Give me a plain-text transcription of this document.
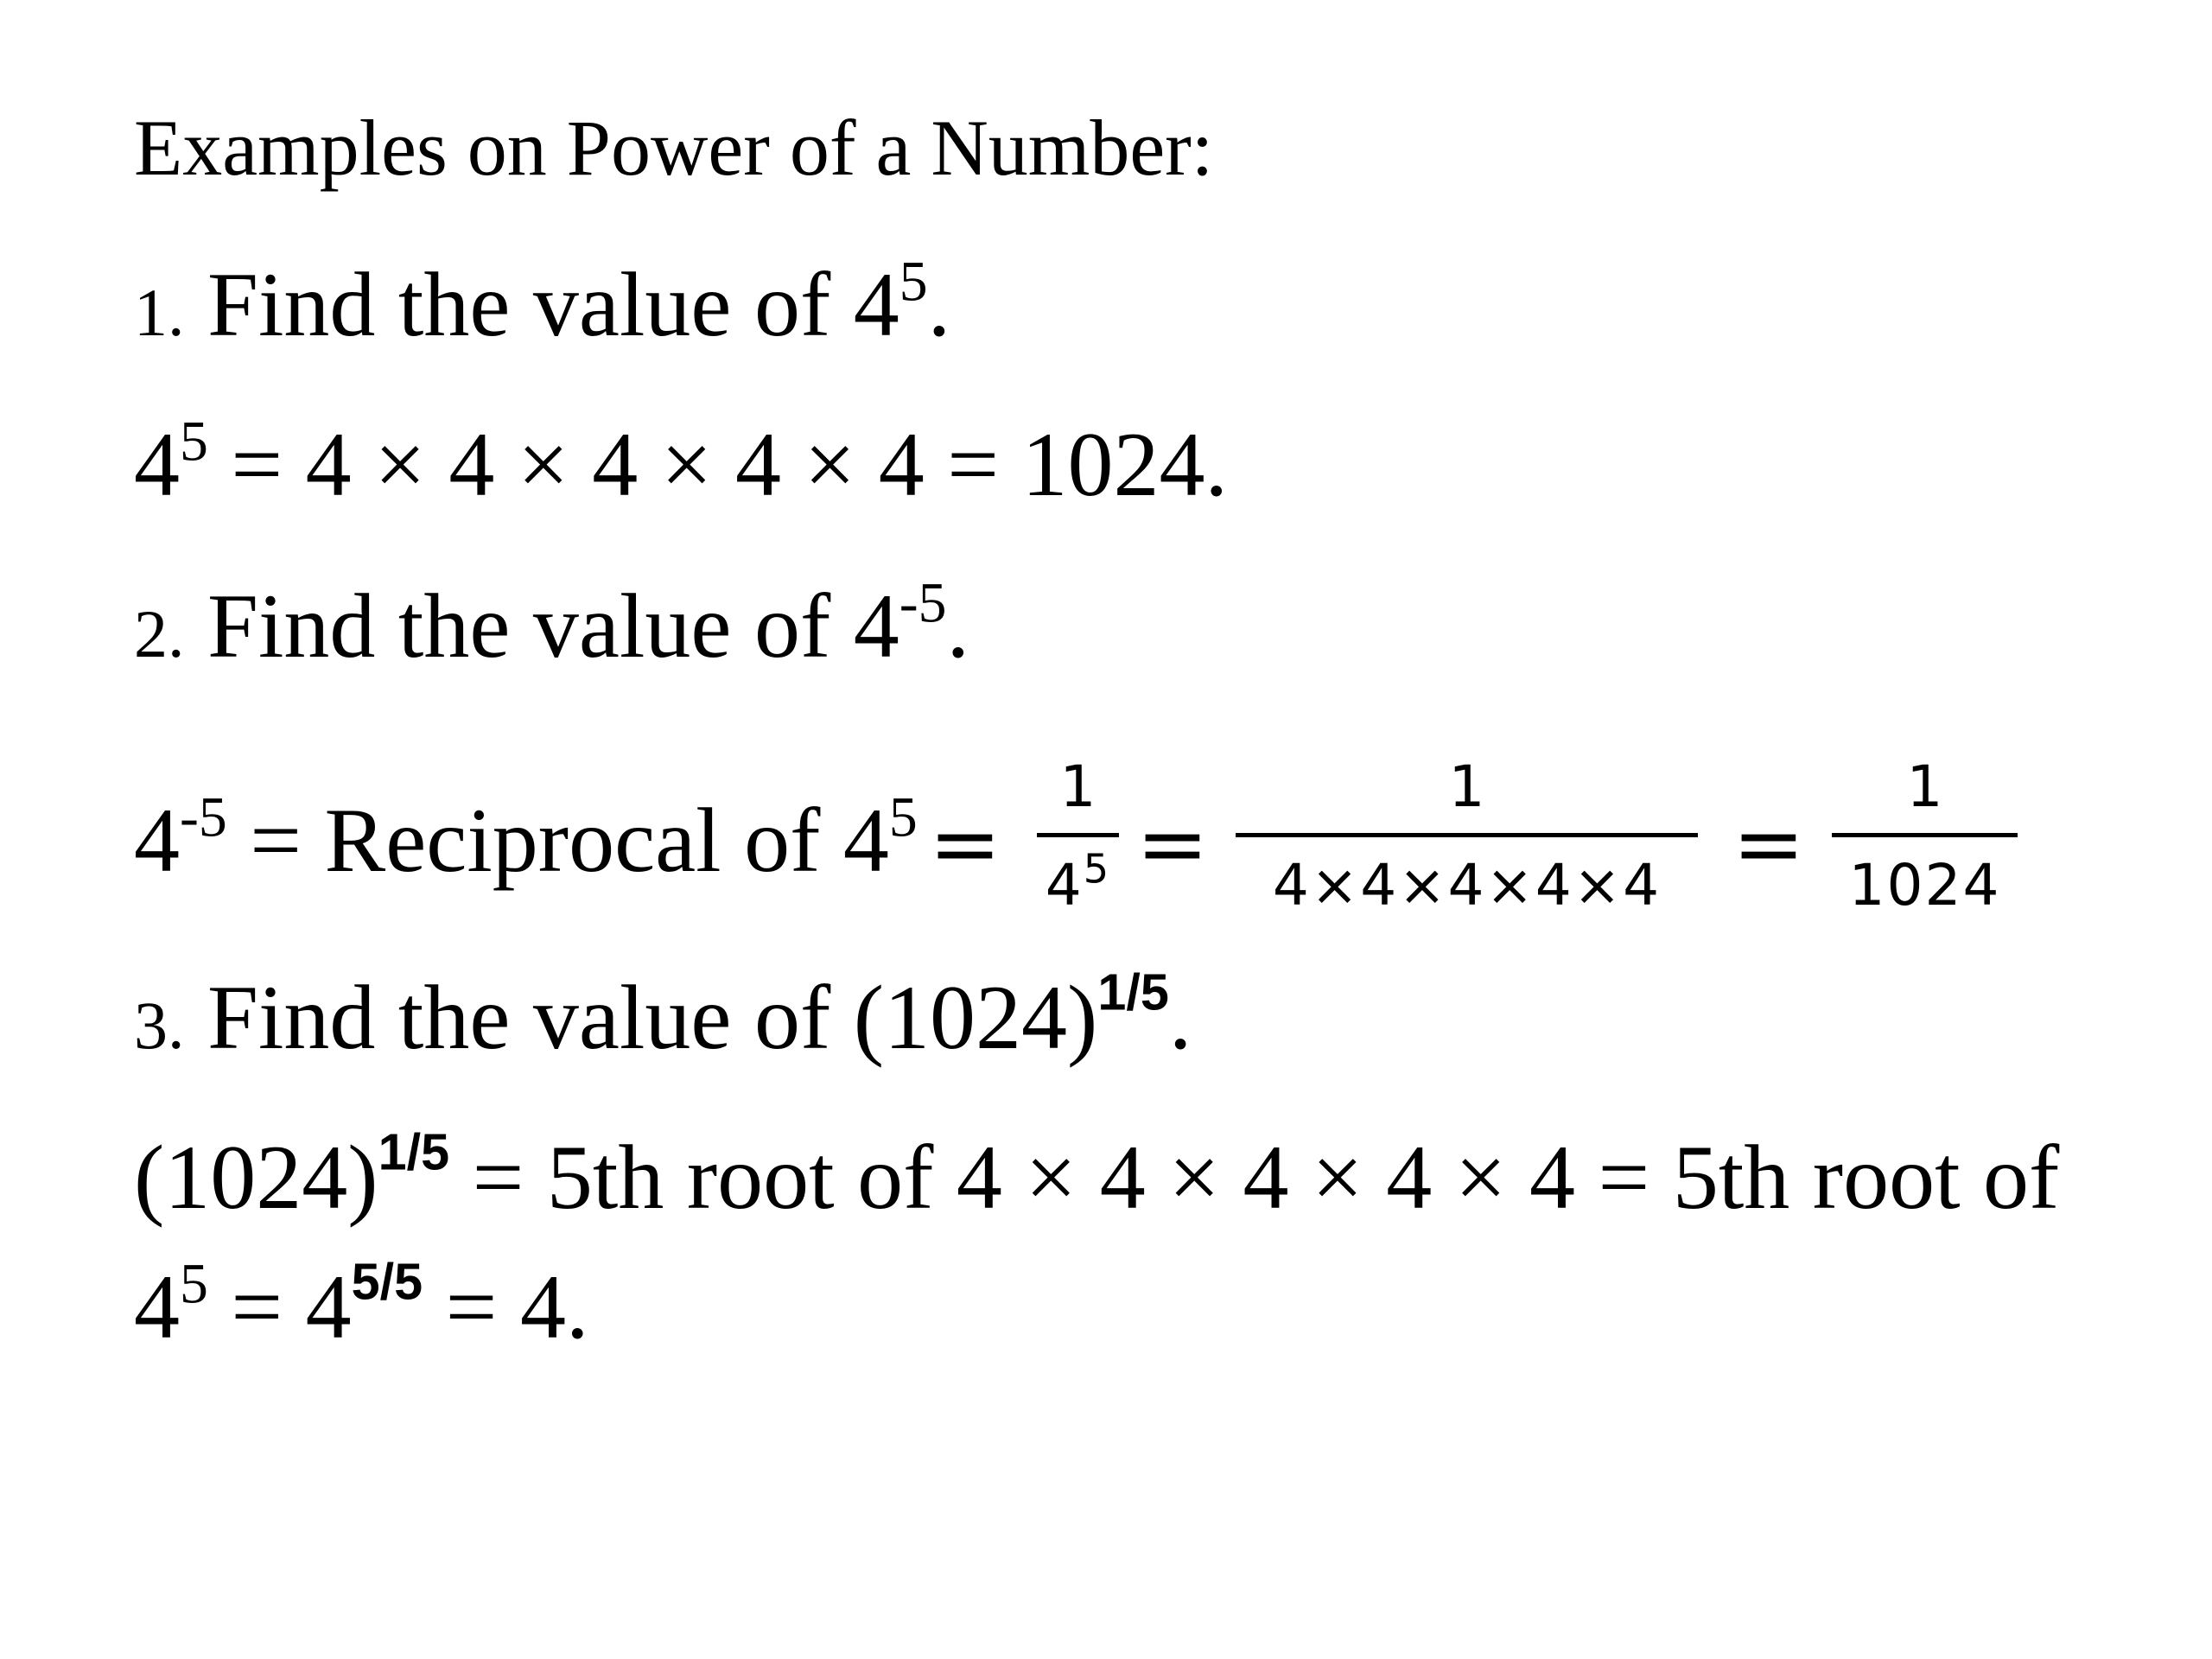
Examples on Power of a Number:
1. Find the value of $4^5$.
$4^5 = 4 \times 4 \times 4 \times 4 \times 4 = 1024$.
2. Find the value of $4^{-5}$.
$4^{-5}$ = Reciprocal of $4^5$ =
1
$4^5$ =
1
4×4×4×4×4 =
1
1024
3. Find the value of $(1024)^{1/5}$.
$(1024)^{1/5} = 5th$ root of 4 × 4 × 4 × 4 × 4 = 5th root of
$4^5 = 4^{5/5} = 4$.
